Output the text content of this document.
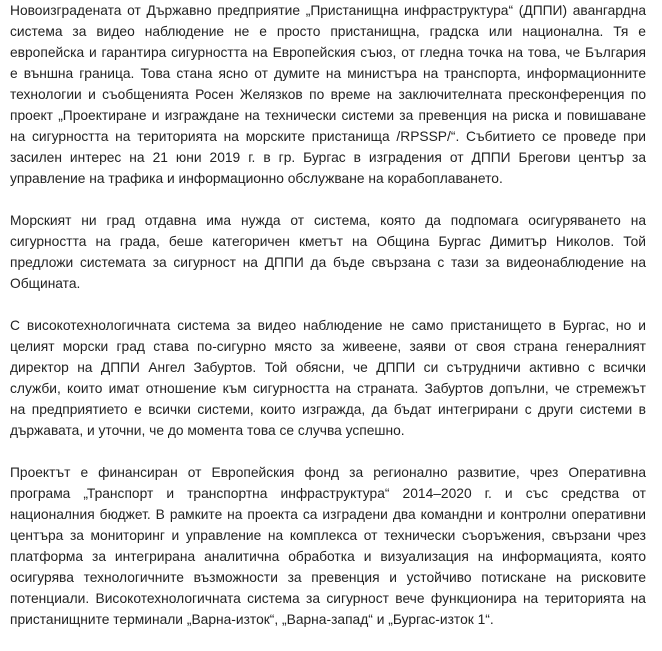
Новоизградената от Държавно предприятие „Пристанищна инфраструктура“ (ДППИ) авангардна
система за видео наблюдение не е просто пристанищна, градска или национална. Тя е
европейска и гарантира сигурността на Европейския съюз, от гледна точка на това, че България
е външна граница. Това стана ясно от думите на министъра на транспорта, информационните
технологии и съобщенията Росен Желязков по време на заключителната пресконференция по
проект „Проектиране и изграждане на технически системи за превенция на риска и повишаване
на сигурността на територията на морските пристанища /RPSSP/“. Събитието се проведе при
засилен интерес на 21 юни 2019 г. в гр. Бургас в изградения от ДППИ Брегови център за
управление на трафика и информационно обслужване на корабоплаването.
Морският ни град отдавна има нужда от система, която да подпомага осигуряването на
сигурността на града, беше категоричен кметът на Община Бургас Димитър Николов. Той
предложи системата за сигурност на ДППИ да бъде свързана с тази за видеонаблюдение на
Общината.
С високотехнологичната система за видео наблюдение не само пристанището в Бургас, но и
целият морски град става по-сигурно място за живеене, заяви от своя страна генералният
директор на ДППИ Ангел Забуртов. Той обясни, че ДППИ си сътрудничи активно с всички
служби, които имат отношение към сигурността на страната. Забуртов допълни, че стремежът
на предприятието е всички системи, които изгражда, да бъдат интегрирани с други системи в
държавата, и уточни, че до момента това се случва успешно.
Проектът е финансиран от Европейския фонд за регионално развитие, чрез Оперативна
програма „Транспорт и транспортна инфраструктура“ 2014–2020 г. и със средства от
националния бюджет. В рамките на проекта са изградени два командни и контролни оперативни
центъра за мониторинг и управление на комплекса от технически съоръжения, свързани чрез
платформа за интегрирана аналитична обработка и визуализация на информацията, която
осигурява технологичните възможности за превенция и устойчиво потискане на рисковите
потенциали. Високотехнологичната система за сигурност вече функционира на територията на
пристанищните терминали „Варна-изток“, „Варна-запад“ и „Бургас-изток 1“.
